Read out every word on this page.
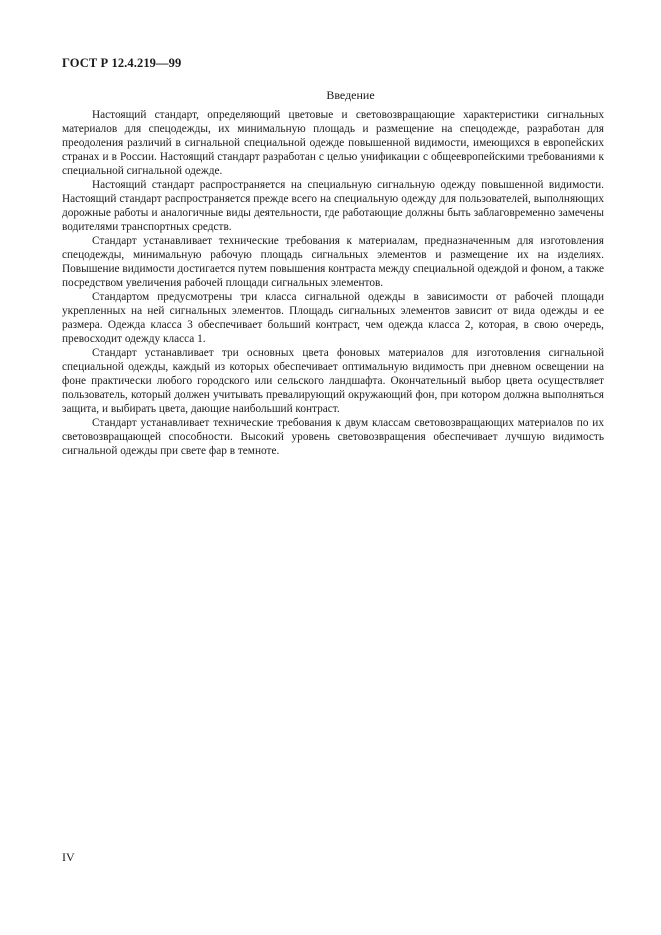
ГОСТ Р 12.4.219—99

Введение

Настоящий стандарт, определяющий цветовые и световозвращающие характеристики сигнальных материалов для спецодежды, их минимальную площадь и размещение на спецодежде, разработан для преодоления различий в сигнальной специальной одежде повышенной видимости, имеющихся в европейских странах и в России. Настоящий стандарт разработан с целью унификации с общеевропейскими требованиями к специальной сигнальной одежде.

Настоящий стандарт распространяется на специальную сигнальную одежду повышенной видимости. Настоящий стандарт распространяется прежде всего на специальную одежду для пользователей, выполняющих дорожные работы и аналогичные виды деятельности, где работающие должны быть заблаговременно замечены водителями транспортных средств.

Стандарт устанавливает технические требования к материалам, предназначенным для изготовления спецодежды, минимальную рабочую площадь сигнальных элементов и размещение их на изделиях. Повышение видимости достигается путем повышения контраста между специальной одеждой и фоном, а также посредством увеличения рабочей площади сигнальных элементов.

Стандартом предусмотрены три класса сигнальной одежды в зависимости от рабочей площади укрепленных на ней сигнальных элементов. Площадь сигнальных элементов зависит от вида одежды и ее размера. Одежда класса 3 обеспечивает больший контраст, чем одежда класса 2, которая, в свою очередь, превосходит одежду класса 1.

Стандарт устанавливает три основных цвета фоновых материалов для изготовления сигнальной специальной одежды, каждый из которых обеспечивает оптимальную видимость при дневном освещении на фоне практически любого городского или сельского ландшафта. Окончательный выбор цвета осуществляет пользователь, который должен учитывать превалирующий окружающий фон, при котором должна выполняться защита, и выбирать цвета, дающие наибольший контраст.

Стандарт устанавливает технические требования к двум классам световозвращающих материалов по их световозвращающей способности. Высокий уровень световозвращения обеспечивает лучшую видимость сигнальной одежды при свете фар в темноте.

IV
